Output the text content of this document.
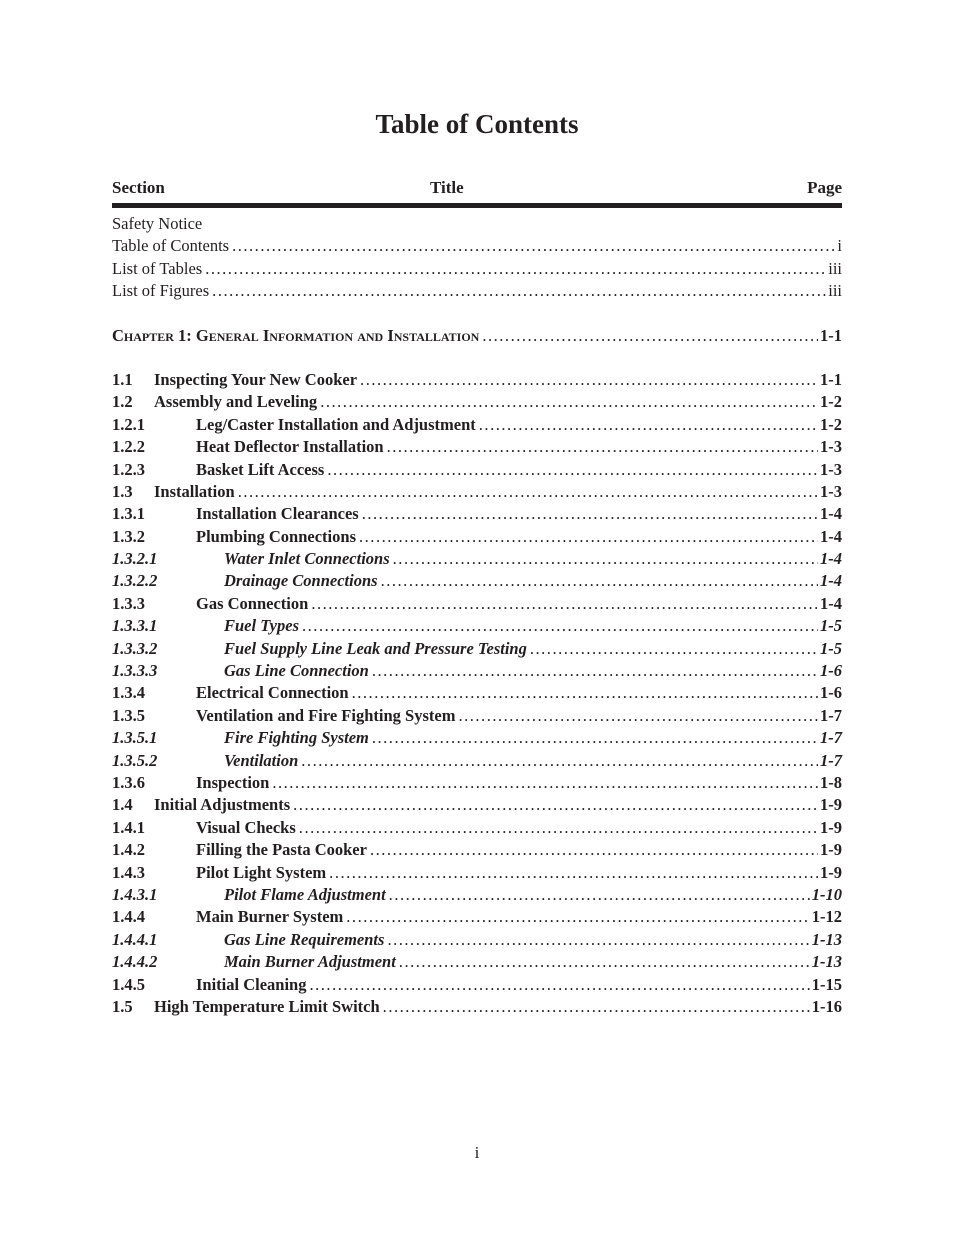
Table of Contents
Section	Title	Page
Safety Notice
Table of Contents . . .	i
List of Tables . . .	iii
List of Figures . . .	iii
Chapter 1: General Information and Installation . . .	1-1
1.1	Inspecting Your New Cooker . . .	1-1
1.2	Assembly and Leveling . . .	1-2
1.2.1	Leg/Caster Installation and Adjustment . . .	1-2
1.2.2	Heat Deflector Installation . . .	1-3
1.2.3	Basket Lift Access . . .	1-3
1.3	Installation . . .	1-3
1.3.1	Installation Clearances . . .	1-4
1.3.2	Plumbing Connections . . .	1-4
1.3.2.1	Water Inlet Connections . . .	1-4
1.3.2.2	Drainage Connections . . .	1-4
1.3.3	Gas Connection . . .	1-4
1.3.3.1	Fuel Types . . .	1-5
1.3.3.2	Fuel Supply Line Leak and Pressure Testing . . .	1-5
1.3.3.3	Gas Line Connection . . .	1-6
1.3.4	Electrical Connection . . .	1-6
1.3.5	Ventilation and Fire Fighting System . . .	1-7
1.3.5.1	Fire Fighting System . . .	1-7
1.3.5.2	Ventilation . . .	1-7
1.3.6	Inspection . . .	1-8
1.4	Initial Adjustments . . .	1-9
1.4.1	Visual Checks . . .	1-9
1.4.2	Filling the Pasta Cooker . . .	1-9
1.4.3	Pilot Light System . . .	1-9
1.4.3.1	Pilot Flame Adjustment . . .	1-10
1.4.4	Main Burner System . . .	1-12
1.4.4.1	Gas Line Requirements . . .	1-13
1.4.4.2	Main Burner Adjustment . . .	1-13
1.4.5	Initial Cleaning . . .	1-15
1.5	High Temperature Limit Switch . . .	1-16
i
